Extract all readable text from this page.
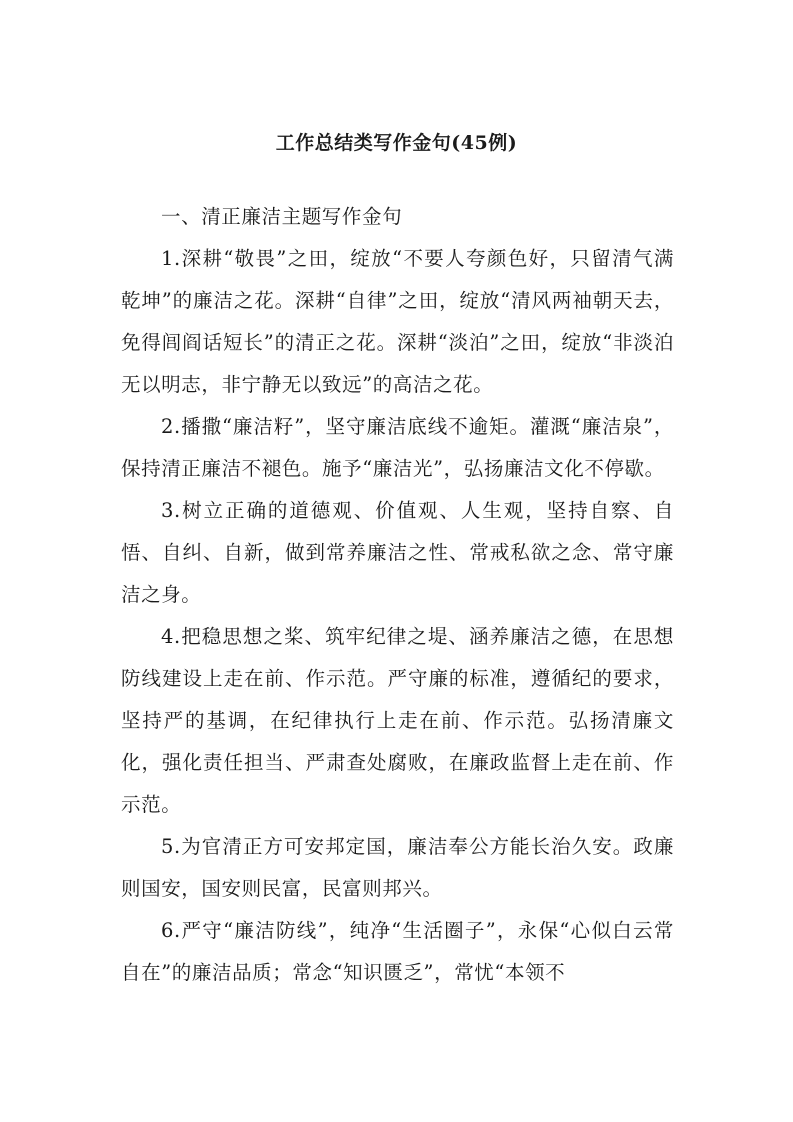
工作总结类写作金句(45例)

一、清正廉洁主题写作金句

1.深耕“敬畏”之田，绽放“不要人夸颜色好，只留清气满乾坤”的廉洁之花。深耕“自律”之田，绽放“清风两袖朝天去，免得闾阎话短长”的清正之花。深耕“淡泊”之田，绽放“非淡泊无以明志，非宁静无以致远”的高洁之花。

2.播撒“廉洁籽”，坚守廉洁底线不逾矩。灌溉“廉洁泉”，保持清正廉洁不褪色。施予“廉洁光”，弘扬廉洁文化不停歇。

3.树立正确的道德观、价值观、人生观，坚持自察、自悟、自纠、自新，做到常养廉洁之性、常戒私欲之念、常守廉洁之身。

4.把稳思想之桨、筑牢纪律之堤、涵养廉洁之德，在思想防线建设上走在前、作示范。严守廉的标准，遵循纪的要求，坚持严的基调，在纪律执行上走在前、作示范。弘扬清廉文化，强化责任担当、严肃查处腐败，在廉政监督上走在前、作示范。

5.为官清正方可安邦定国，廉洁奉公方能长治久安。政廉则国安，国安则民富，民富则邦兴。

6.严守“廉洁防线”，纯净“生活圈子”，永保“心似白云常自在”的廉洁品质；常念“知识匮乏”，常忧“本领不
